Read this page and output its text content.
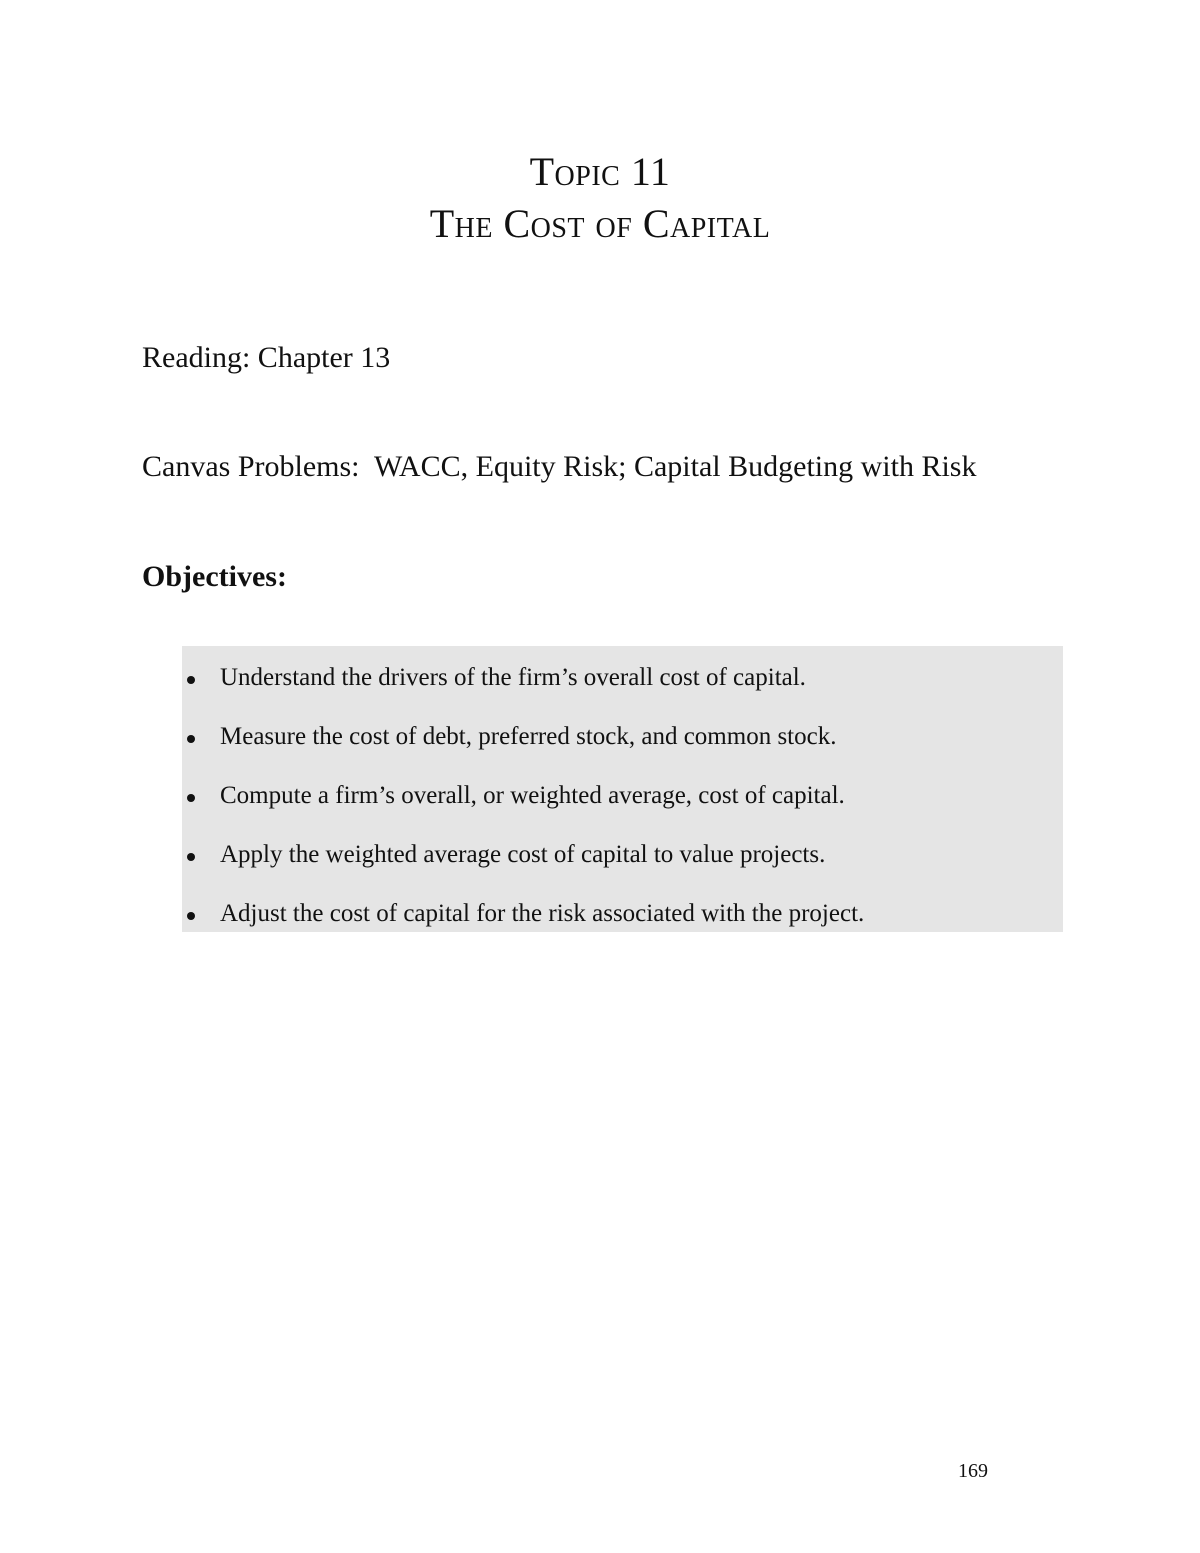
Topic 11
The Cost of Capital
Reading: Chapter 13
Canvas Problems:  WACC, Equity Risk; Capital Budgeting with Risk
Objectives:
Understand the drivers of the firm’s overall cost of capital.
Measure the cost of debt, preferred stock, and common stock.
Compute a firm’s overall, or weighted average, cost of capital.
Apply the weighted average cost of capital to value projects.
Adjust the cost of capital for the risk associated with the project.
169
